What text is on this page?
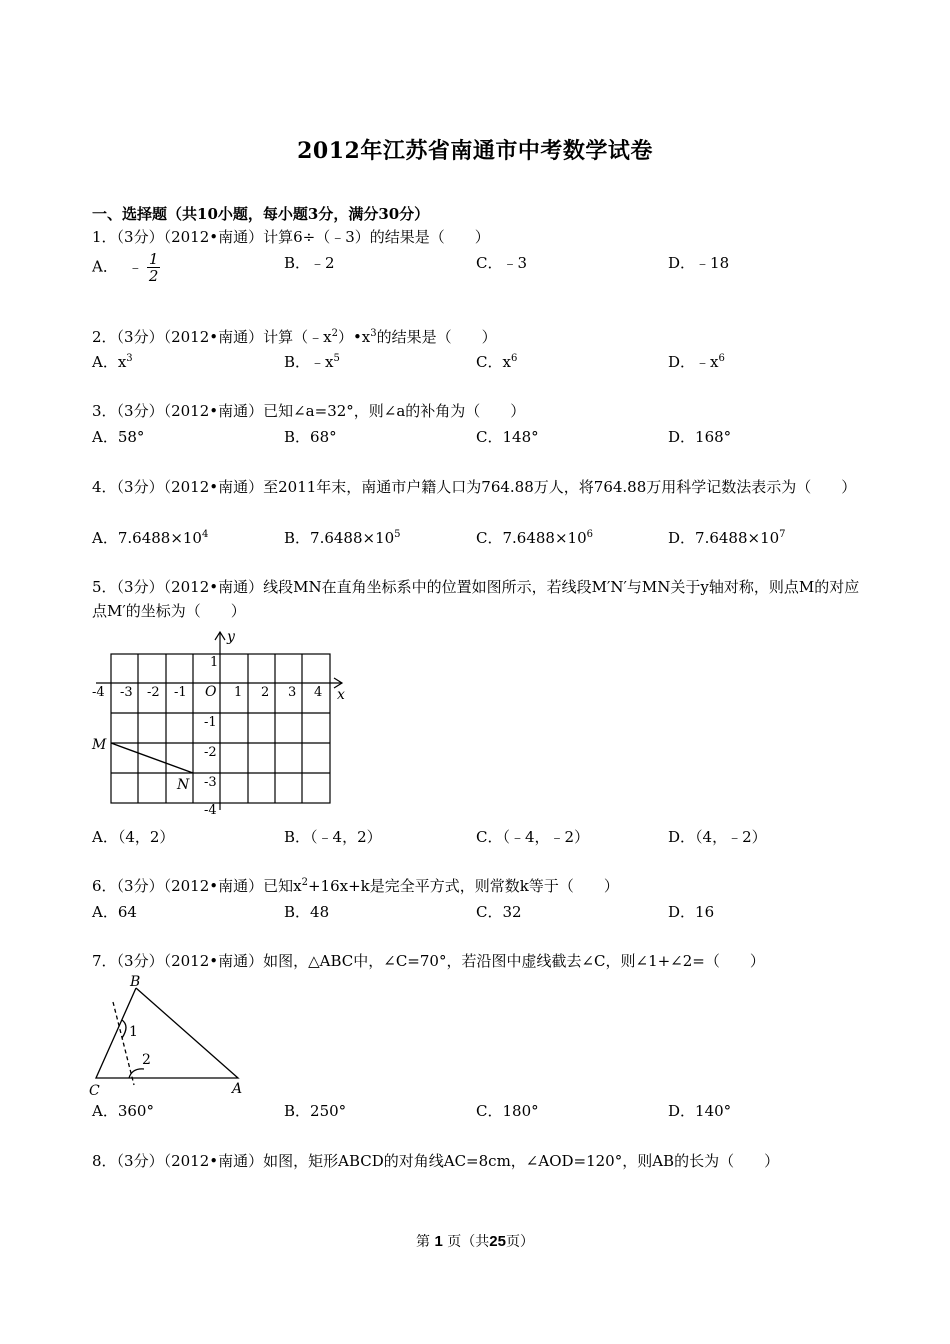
2012年江苏省南通市中考数学试卷
一、选择题（共10小题，每小题3分，满分30分）
1．（3分）（2012•南通）计算6÷（﹣3）的结果是（　　）
A． ﹣ $\frac{1}{2}$	B．﹣2	C．﹣3	D．﹣18
2．（3分）（2012•南通）计算$(﹣x^2)•x^3$的结果是（　　）
A．$x^3$	B．$﹣x^5$	C．$x^6$	D．$﹣x^6$
3．（3分）（2012•南通）已知∠a=32°，则∠a的补角为（　　）
A．58°	B．68°	C．148°	D．168°
4．（3分）（2012•南通）至2011年末，南通市户籍人口为764.88万人，将764.88万用科学记数法表示为（　　）
A．$7.6488\times 10^4$	B．$7.6488\times 10^5$	C．$7.6488\times 10^6$	D．$7.6488\times 10^7$
5．（3分）（2012•南通）线段MN在直角坐标系中的位置如图所示，若线段M′N′与MN关于y轴对称，则点M的对应点M′的坐标为（　　）
y
x
O
-4 -3 -2 -1	1 2 3 4
1
-1
-2
-3
-4
M
N
A．（4，2）	B．（﹣4，2）	C．（﹣4，﹣2）	D．（4，﹣2）
6．（3分）（2012•南通）已知$x^2+16x+k$是完全平方式，则常数k等于（　　）
A．64	B．48	C．32	D．16
7．（3分）（2012•南通）如图，△ABC中，∠C=70°，若沿图中虚线截去∠C，则∠1+∠2=（　　）
B
C	A
1
2
A．360°	B．250°	C．180°	D．140°
8．（3分）（2012•南通）如图，矩形ABCD的对角线AC=8cm，∠AOD=120°，则AB的长为（　　）
第 1 页（共25页）
